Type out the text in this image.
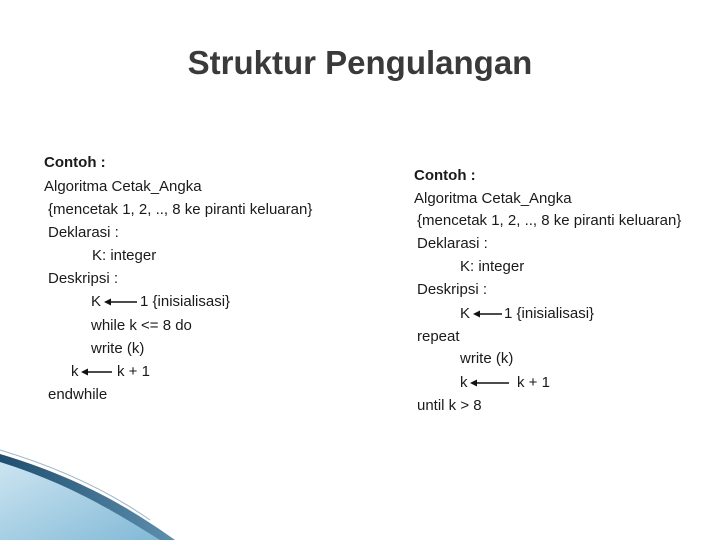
Struktur Pengulangan
Contoh :
Algoritma Cetak_Angka
{mencetak 1, 2, .., 8 ke piranti keluaran}
Deklarasi :
K: integer
Deskripsi :
K	1 {inisialisasi}
while k <= 8 do
write (k)
k	k + 1
endwhile
Contoh :
Algoritma Cetak_Angka
{mencetak 1, 2, .., 8 ke piranti keluaran}
Deklarasi :
K: integer
Deskripsi :
K 1 {inisialisasi}
repeat
write (k)
k	k + 1
until k > 8
